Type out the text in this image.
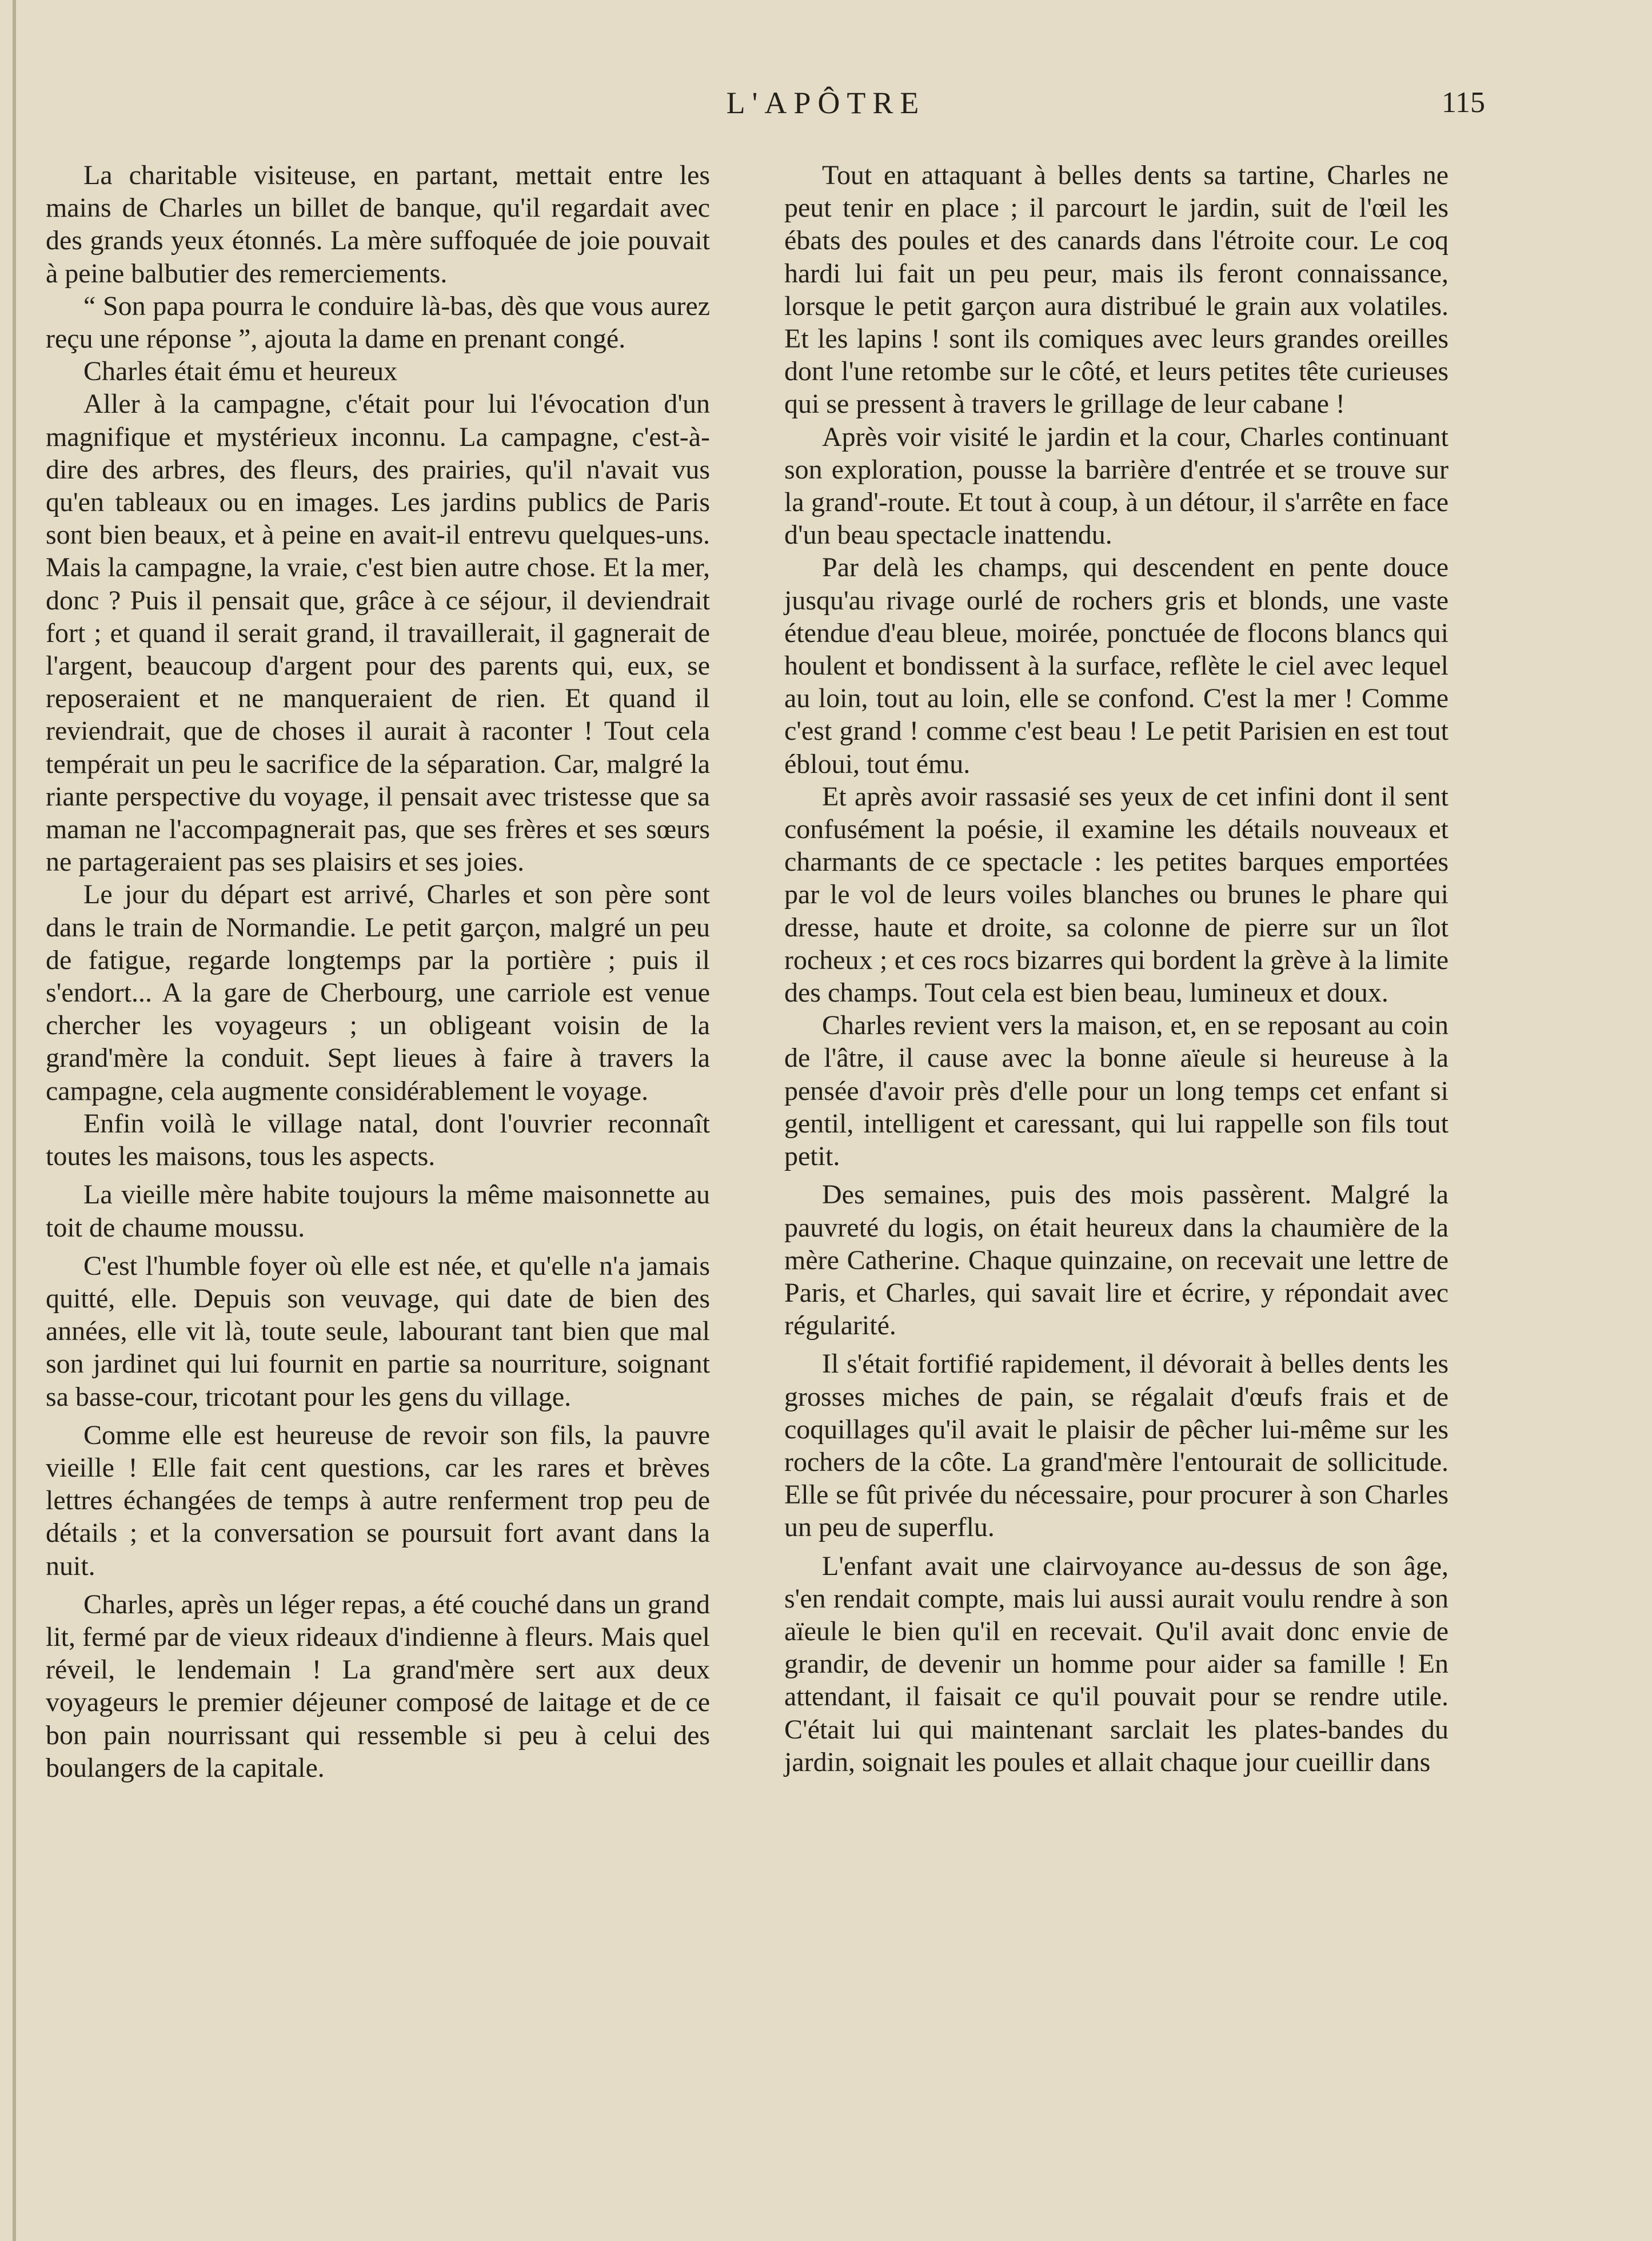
L'APÔTRE	115

La charitable visiteuse, en partant, mettait entre les mains de Charles un billet de banque, qu'il regardait avec des grands yeux étonnés. La mère suffoquée de joie pouvait à peine balbutier des remerciements.

“ Son papa pourra le conduire là-bas, dès que vous aurez reçu une réponse ”, ajouta la dame en prenant congé.

Charles était ému et heureux

Aller à la campagne, c'était pour lui l'évocation d'un magnifique et mystérieux inconnu. La campagne, c'est-à-dire des arbres, des fleurs, des prairies, qu'il n'avait vus qu'en tableaux ou en images. Les jardins publics de Paris sont bien beaux, et à peine en avait-il entrevu quelques-uns. Mais la campagne, la vraie, c'est bien autre chose. Et la mer, donc ? Puis il pensait que, grâce à ce séjour, il deviendrait fort ; et quand il serait grand, il travaillerait, il gagnerait de l'argent, beaucoup d'argent pour des parents qui, eux, se reposeraient et ne manqueraient de rien. Et quand il reviendrait, que de choses il aurait à raconter ! Tout cela tempérait un peu le sacrifice de la séparation. Car, malgré la riante perspective du voyage, il pensait avec tristesse que sa maman ne l'accompagnerait pas, que ses frères et ses sœurs ne partageraient pas ses plaisirs et ses joies.

Le jour du départ est arrivé, Charles et son père sont dans le train de Normandie. Le petit garçon, malgré un peu de fatigue, regarde longtemps par la portière ; puis il s'endort... A la gare de Cherbourg, une carriole est venue chercher les voyageurs ; un obligeant voisin de la grand'mère la conduit. Sept lieues à faire à travers la campagne, cela augmente considérablement le voyage.

Enfin voilà le village natal, dont l'ouvrier reconnaît toutes les maisons, tous les aspects.

La vieille mère habite toujours la même maisonnette au toit de chaume moussu.

C'est l'humble foyer où elle est née, et qu'elle n'a jamais quitté, elle. Depuis son veuvage, qui date de bien des années, elle vit là, toute seule, labourant tant bien que mal son jardinet qui lui fournit en partie sa nourriture, soignant sa basse-cour, tricotant pour les gens du village.

Comme elle est heureuse de revoir son fils, la pauvre vieille ! Elle fait cent questions, car les rares et brèves lettres échangées de temps à autre renferment trop peu de détails ; et la conversation se poursuit fort avant dans la nuit.

Charles, après un léger repas, a été couché dans un grand lit, fermé par de vieux rideaux d'indienne à fleurs. Mais quel réveil, le lendemain ! La grand'mère sert aux deux voyageurs le premier déjeuner composé de laitage et de ce bon pain nourrissant qui ressemble si peu à celui des boulangers de la capitale.

Tout en attaquant à belles dents sa tartine, Charles ne peut tenir en place ; il parcourt le jardin, suit de l'œil les ébats des poules et des canards dans l'étroite cour. Le coq hardi lui fait un peu peur, mais ils feront connaissance, lorsque le petit garçon aura distribué le grain aux volatiles. Et les lapins ! sont ils comiques avec leurs grandes oreilles dont l'une retombe sur le côté, et leurs petites tête curieuses qui se pressent à travers le grillage de leur cabane !

Après voir visité le jardin et la cour, Charles continuant son exploration, pousse la barrière d'entrée et se trouve sur la grand'-route. Et tout à coup, à un détour, il s'arrête en face d'un beau spectacle inattendu.

Par delà les champs, qui descendent en pente douce jusqu'au rivage ourlé de rochers gris et blonds, une vaste étendue d'eau bleue, moirée, ponctuée de flocons blancs qui houlent et bondissent à la surface, reflète le ciel avec lequel au loin, tout au loin, elle se confond. C'est la mer ! Comme c'est grand ! comme c'est beau ! Le petit Parisien en est tout ébloui, tout ému.

Et après avoir rassasié ses yeux de cet infini dont il sent confusément la poésie, il examine les détails nouveaux et charmants de ce spectacle : les petites barques emportées par le vol de leurs voiles blanches ou brunes le phare qui dresse, haute et droite, sa colonne de pierre sur un îlot rocheux ; et ces rocs bizarres qui bordent la grève à la limite des champs. Tout cela est bien beau, lumineux et doux.

Charles revient vers la maison, et, en se reposant au coin de l'âtre, il cause avec la bonne aïeule si heureuse à la pensée d'avoir près d'elle pour un long temps cet enfant si gentil, intelligent et caressant, qui lui rappelle son fils tout petit.

Des semaines, puis des mois passèrent. Malgré la pauvreté du logis, on était heureux dans la chaumière de la mère Catherine. Chaque quinzaine, on recevait une lettre de Paris, et Charles, qui savait lire et écrire, y répondait avec régularité.

Il s'était fortifié rapidement, il dévorait à belles dents les grosses miches de pain, se régalait d'œufs frais et de coquillages qu'il avait le plaisir de pêcher lui-même sur les rochers de la côte. La grand'mère l'entourait de sollicitude. Elle se fût privée du nécessaire, pour procurer à son Charles un peu de superflu.

L'enfant avait une clairvoyance au-dessus de son âge, s'en rendait compte, mais lui aussi aurait voulu rendre à son aïeule le bien qu'il en recevait. Qu'il avait donc envie de grandir, de devenir un homme pour aider sa famille ! En attendant, il faisait ce qu'il pouvait pour se rendre utile. C'était lui qui maintenant sarclait les plates-bandes du jardin, soignait les poules et allait chaque jour cueillir dans
